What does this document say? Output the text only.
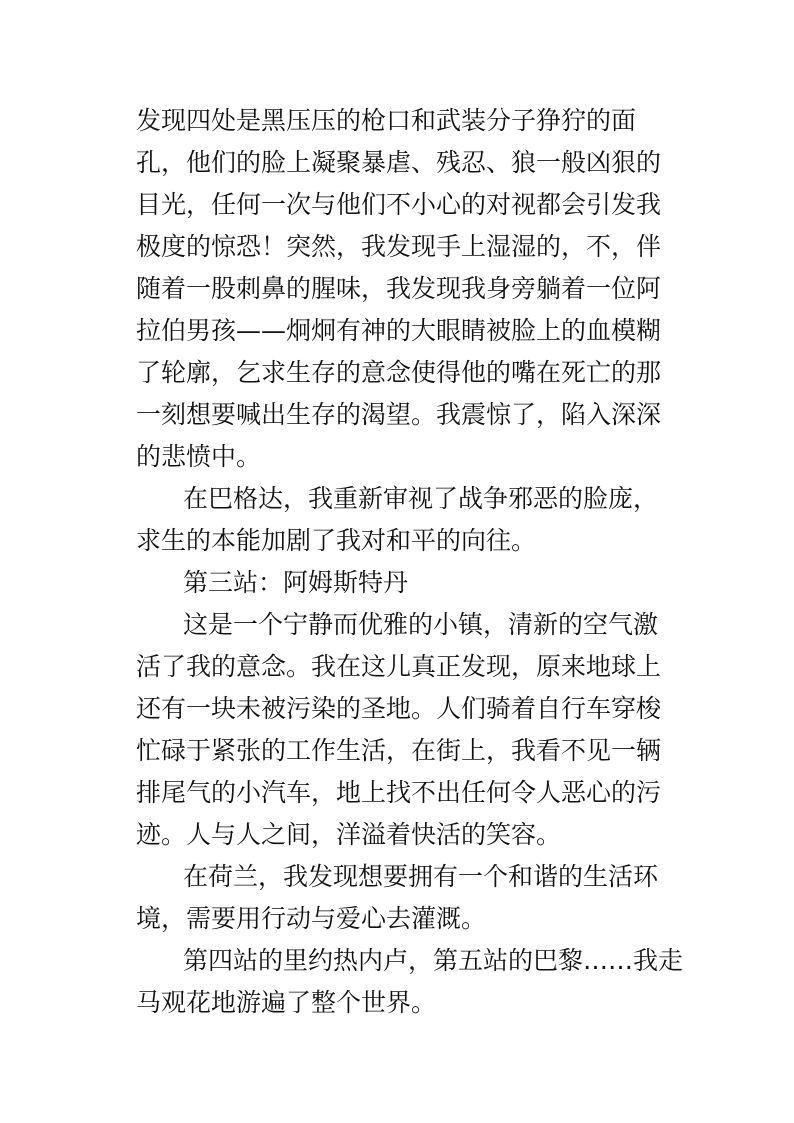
发现四处是黑压压的枪口和武装分子狰狞的面
孔，他们的脸上凝聚暴虐、残忍、狼一般凶狠的
目光，任何一次与他们不小心的对视都会引发我
极度的惊恐！突然，我发现手上湿湿的，不，伴
随着一股刺鼻的腥味，我发现我身旁躺着一位阿
拉伯男孩——炯炯有神的大眼睛被脸上的血模糊
了轮廓，乞求生存的意念使得他的嘴在死亡的那
一刻想要喊出生存的渴望。我震惊了，陷入深深
的悲愤中。
在巴格达，我重新审视了战争邪恶的脸庞，
求生的本能加剧了我对和平的向往。
第三站：阿姆斯特丹
这是一个宁静而优雅的小镇，清新的空气激
活了我的意念。我在这儿真正发现，原来地球上
还有一块未被污染的圣地。人们骑着自行车穿梭
忙碌于紧张的工作生活，在街上，我看不见一辆
排尾气的小汽车，地上找不出任何令人恶心的污
迹。人与人之间，洋溢着快活的笑容。
在荷兰，我发现想要拥有一个和谐的生活环
境，需要用行动与爱心去灌溉。
第四站的里约热内卢，第五站的巴黎……我走
马观花地游遍了整个世界。
